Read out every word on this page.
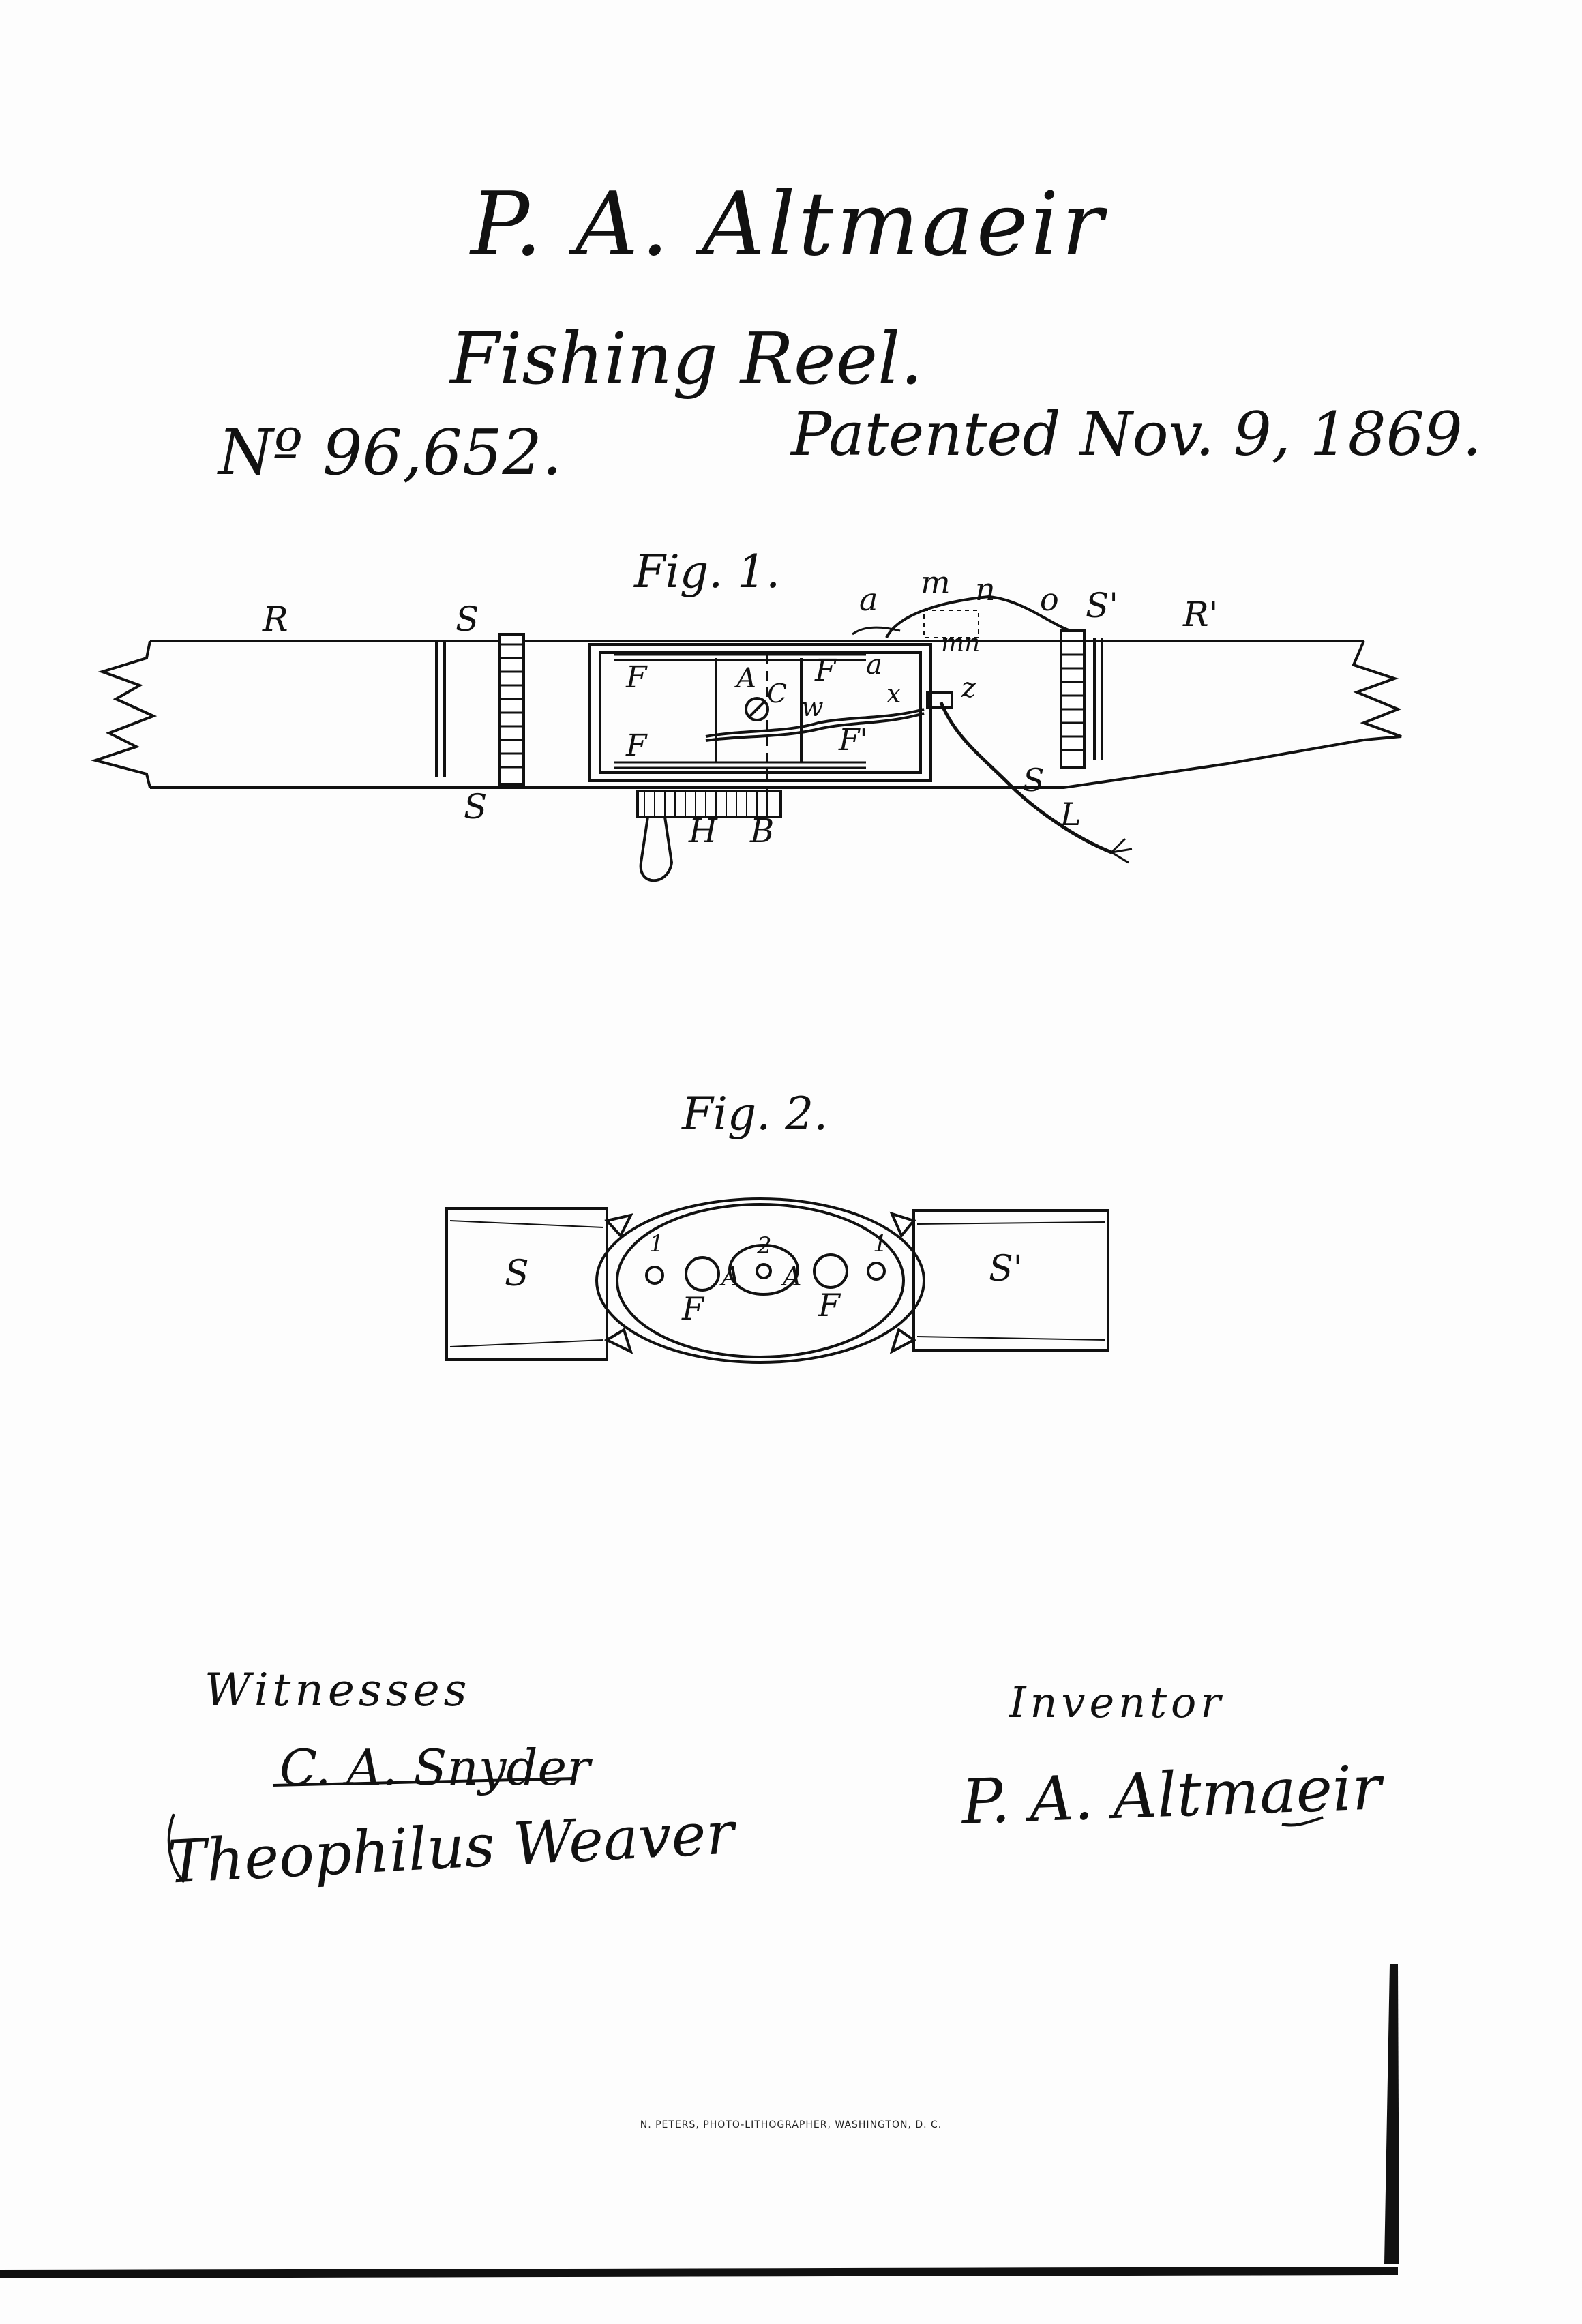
P. A. Altmaeir
Fishing Reel.
Nº 96,652.	Patented Nov. 9, 1869.
Fig. 1.
Fig. 2.
R	S
S
a m n o S' R'
mn
F	A F a
C w x z
F	F'
S
L
H B
S	S'
1	1
2
A A
F	F
Witnesses
C. A. Snyder
Theophilus Weaver
Inventor
P. A. Altmaeir
N. PETERS, PHOTO-LITHOGRAPHER, WASHINGTON, D. C.
